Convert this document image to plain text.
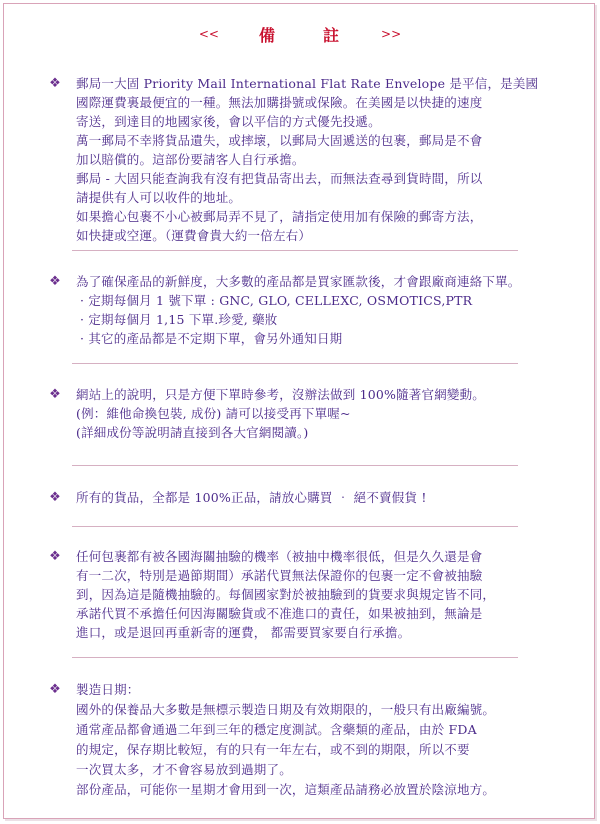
<<	備	註	>>
❖ 郵局一大固 Priority Mail International Flat Rate Envelope 是平信，是美國
國際運費裏最便宜的一種。無法加購掛號或保險。在美國是以快捷的速度
寄送，到達目的地國家後，會以平信的方式優先投遞。
萬一郵局不幸將貨品遺失，或摔壞，以郵局大固遞送的包裹，郵局是不會
加以賠償的。這部份要請客人自行承擔。
郵局 - 大固只能查詢我有沒有把貨品寄出去，而無法查尋到貨時間，所以
請提供有人可以收件的地址。
如果擔心包裹不小心被郵局弄不見了，請指定使用加有保險的郵寄方法，
如快捷或空運。（運費會貴大約一倍左右）
❖ 為了確保產品的新鮮度，大多數的產品都是買家匯款後，才會跟廠商連絡下單。
· 定期每個月 1 號下單 : GNC, GLO, CELLEXC, OSMOTICS,PTR
· 定期每個月 1,15 下單.珍愛, 藥妝
· 其它的產品都是不定期下單，會另外通知日期
❖ 網站上的說明，只是方便下單時參考，沒辦法做到 100%隨著官網變動。
(例：維他命換包裝, 成份) 請可以接受再下單喔~
(詳細成份等說明請直接到各大官網閱讀。)
❖ 所有的貨品，全都是 100%正品，請放心購買 ‧ 絕不賣假貨 !
❖ 任何包裹都有被各國海關抽驗的機率（被抽中機率很低，但是久久還是會
有一二次，特別是過節期間）承諾代買無法保證你的包裹一定不會被抽驗
到，因為這是隨機抽驗的。每個國家對於被抽驗到的貨要求與規定皆不同，
承諾代買不承擔任何因海關驗貨或不准進口的責任，如果被抽到，無論是
進口，或是退回再重新寄的運費， 都需要買家要自行承擔。
❖ 製造日期：
國外的保養品大多數是無標示製造日期及有效期限的，一般只有出廠編號。
通常產品都會通過二年到三年的穩定度測試。含藥類的產品，由於 FDA
的規定，保存期比較短，有的只有一年左右，或不到的期限，所以不要
一次買太多，才不會容易放到過期了。
部份產品，可能你一星期才會用到一次，這類產品請務必放置於陰涼地方。
